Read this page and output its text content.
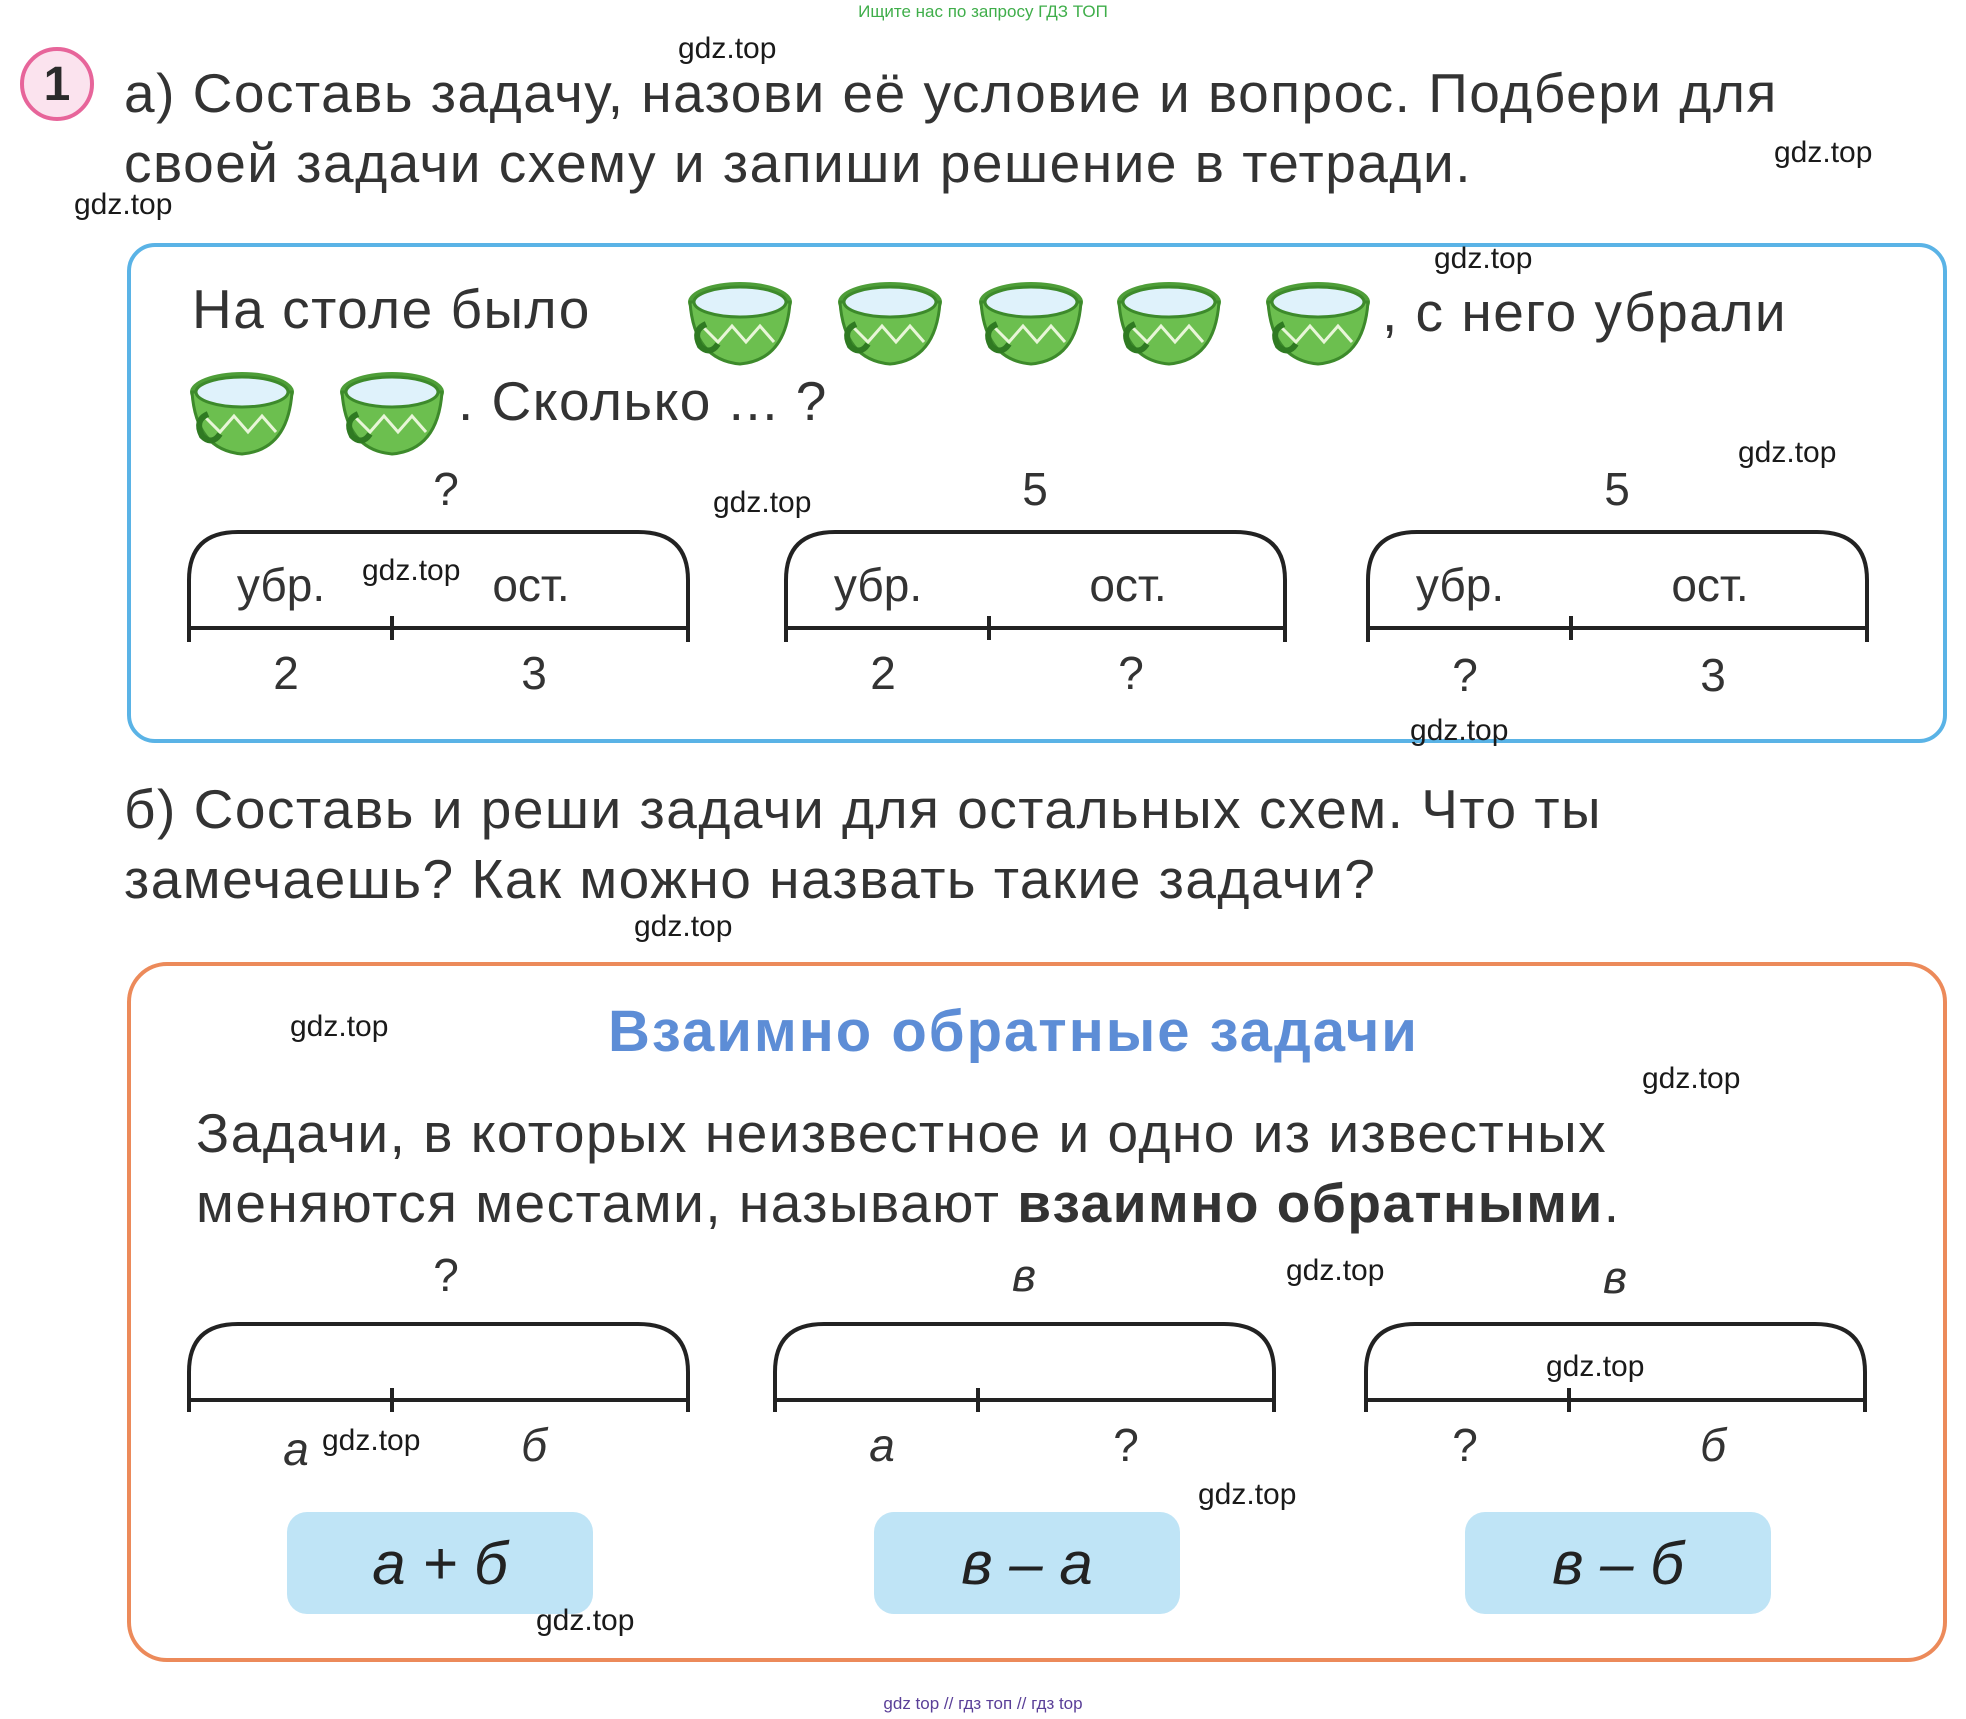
Ищите нас по запросу ГДЗ ТОП
1 а) Составь задачу, назови её условие и вопрос. Подбери для
своей задачи схему и запиши решение в тетради.
На столе было	, с него убрали
. Сколько ... ?
?
убр.	ост.
2	3
5
убр.	ост.
2	?
5
убр.	ост.
?	3
б) Составь и реши задачи для остальных схем. Что ты
замечаешь? Как можно назвать такие задачи?
Взаимно обратные задачи
Задачи, в которых неизвестное и одно из известных
меняются местами, называют взаимно обратными.
?
а	б
в
а	?
в
?	б
а + б	в – а	в – б
gdz.top
gdz.top
gdz.top
gdz.top
gdz.top
gdz.top
gdz.top
gdz.top
gdz.top
gdz.top
gdz.top
gdz.top
gdz.top
gdz.top
gdz.top
gdz.top
gdz top // гдз топ // гдз top
